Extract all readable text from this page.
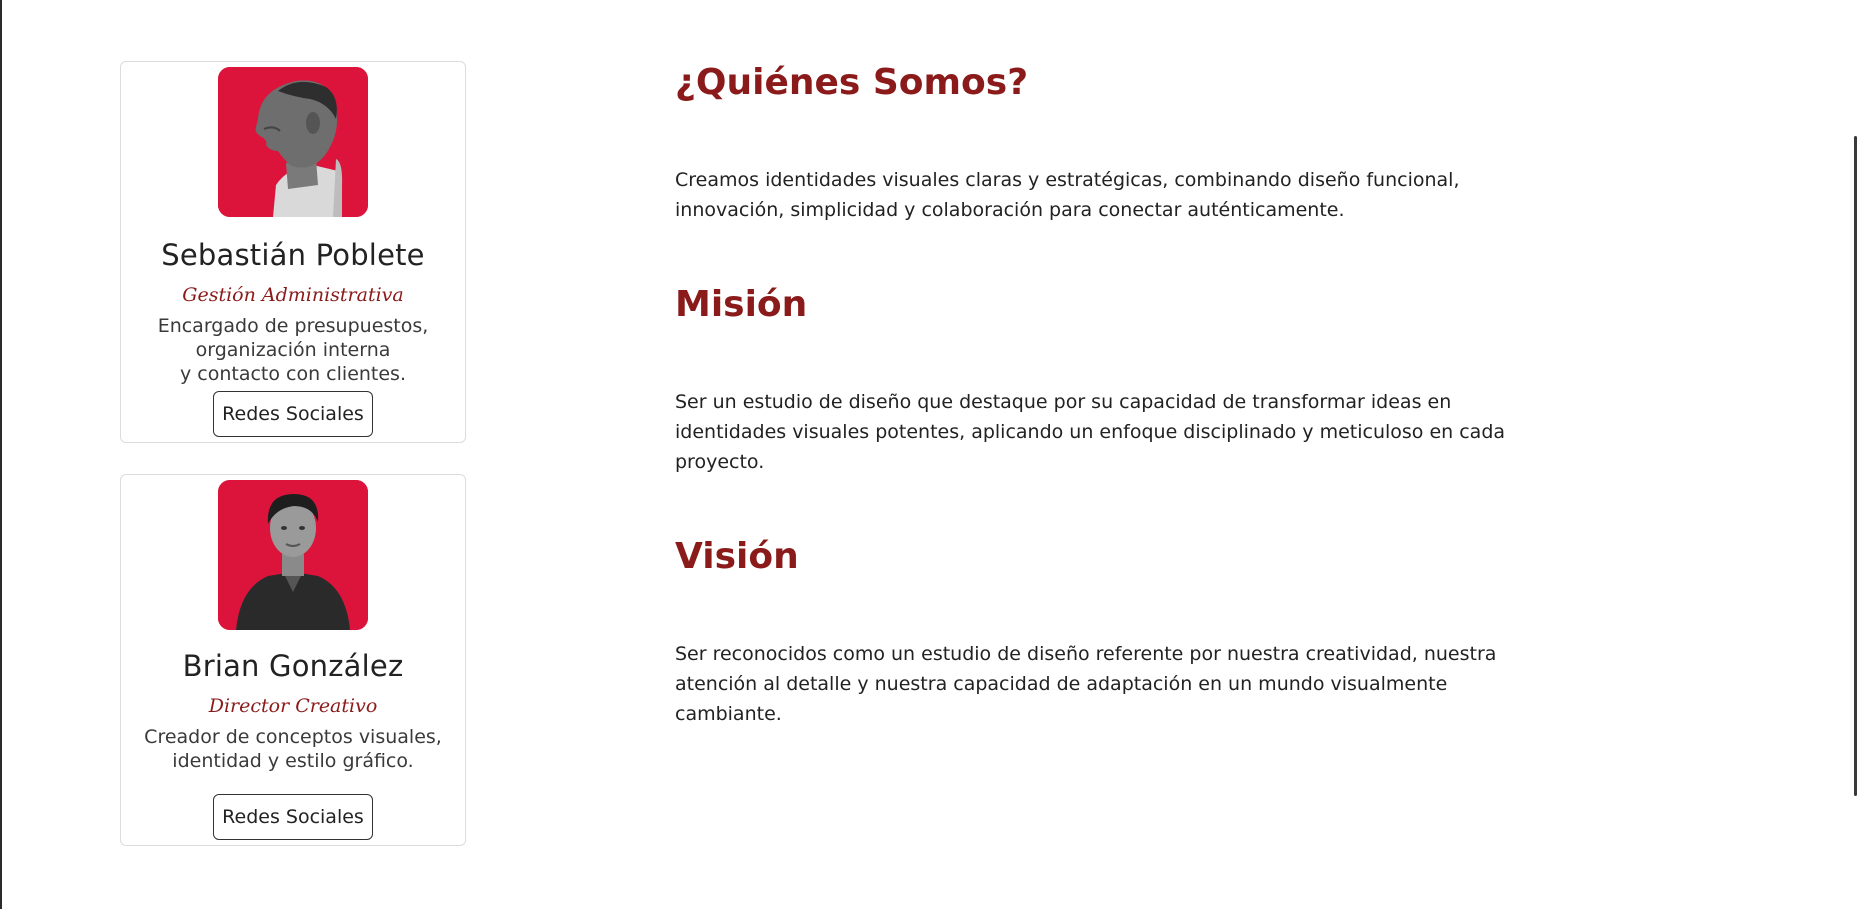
Sebastián Poblete
Gestión Administrativa
Encargado de presupuestos,
organización interna
y contacto con clientes.
Redes Sociales
Brian González
Director Creativo
Creador de conceptos visuales,
identidad y estilo gráfico.
Redes Sociales
¿Quiénes Somos?

Creamos identidades visuales claras y estratégicas, combinando diseño funcional,
innovación, simplicidad y colaboración para conectar auténticamente.

Misión

Ser un estudio de diseño que destaque por su capacidad de transformar ideas en
identidades visuales potentes, aplicando un enfoque disciplinado y meticuloso en cada
proyecto.

Visión

Ser reconocidos como un estudio de diseño referente por nuestra creatividad, nuestra
atención al detalle y nuestra capacidad de adaptación en un mundo visualmente
cambiante.
